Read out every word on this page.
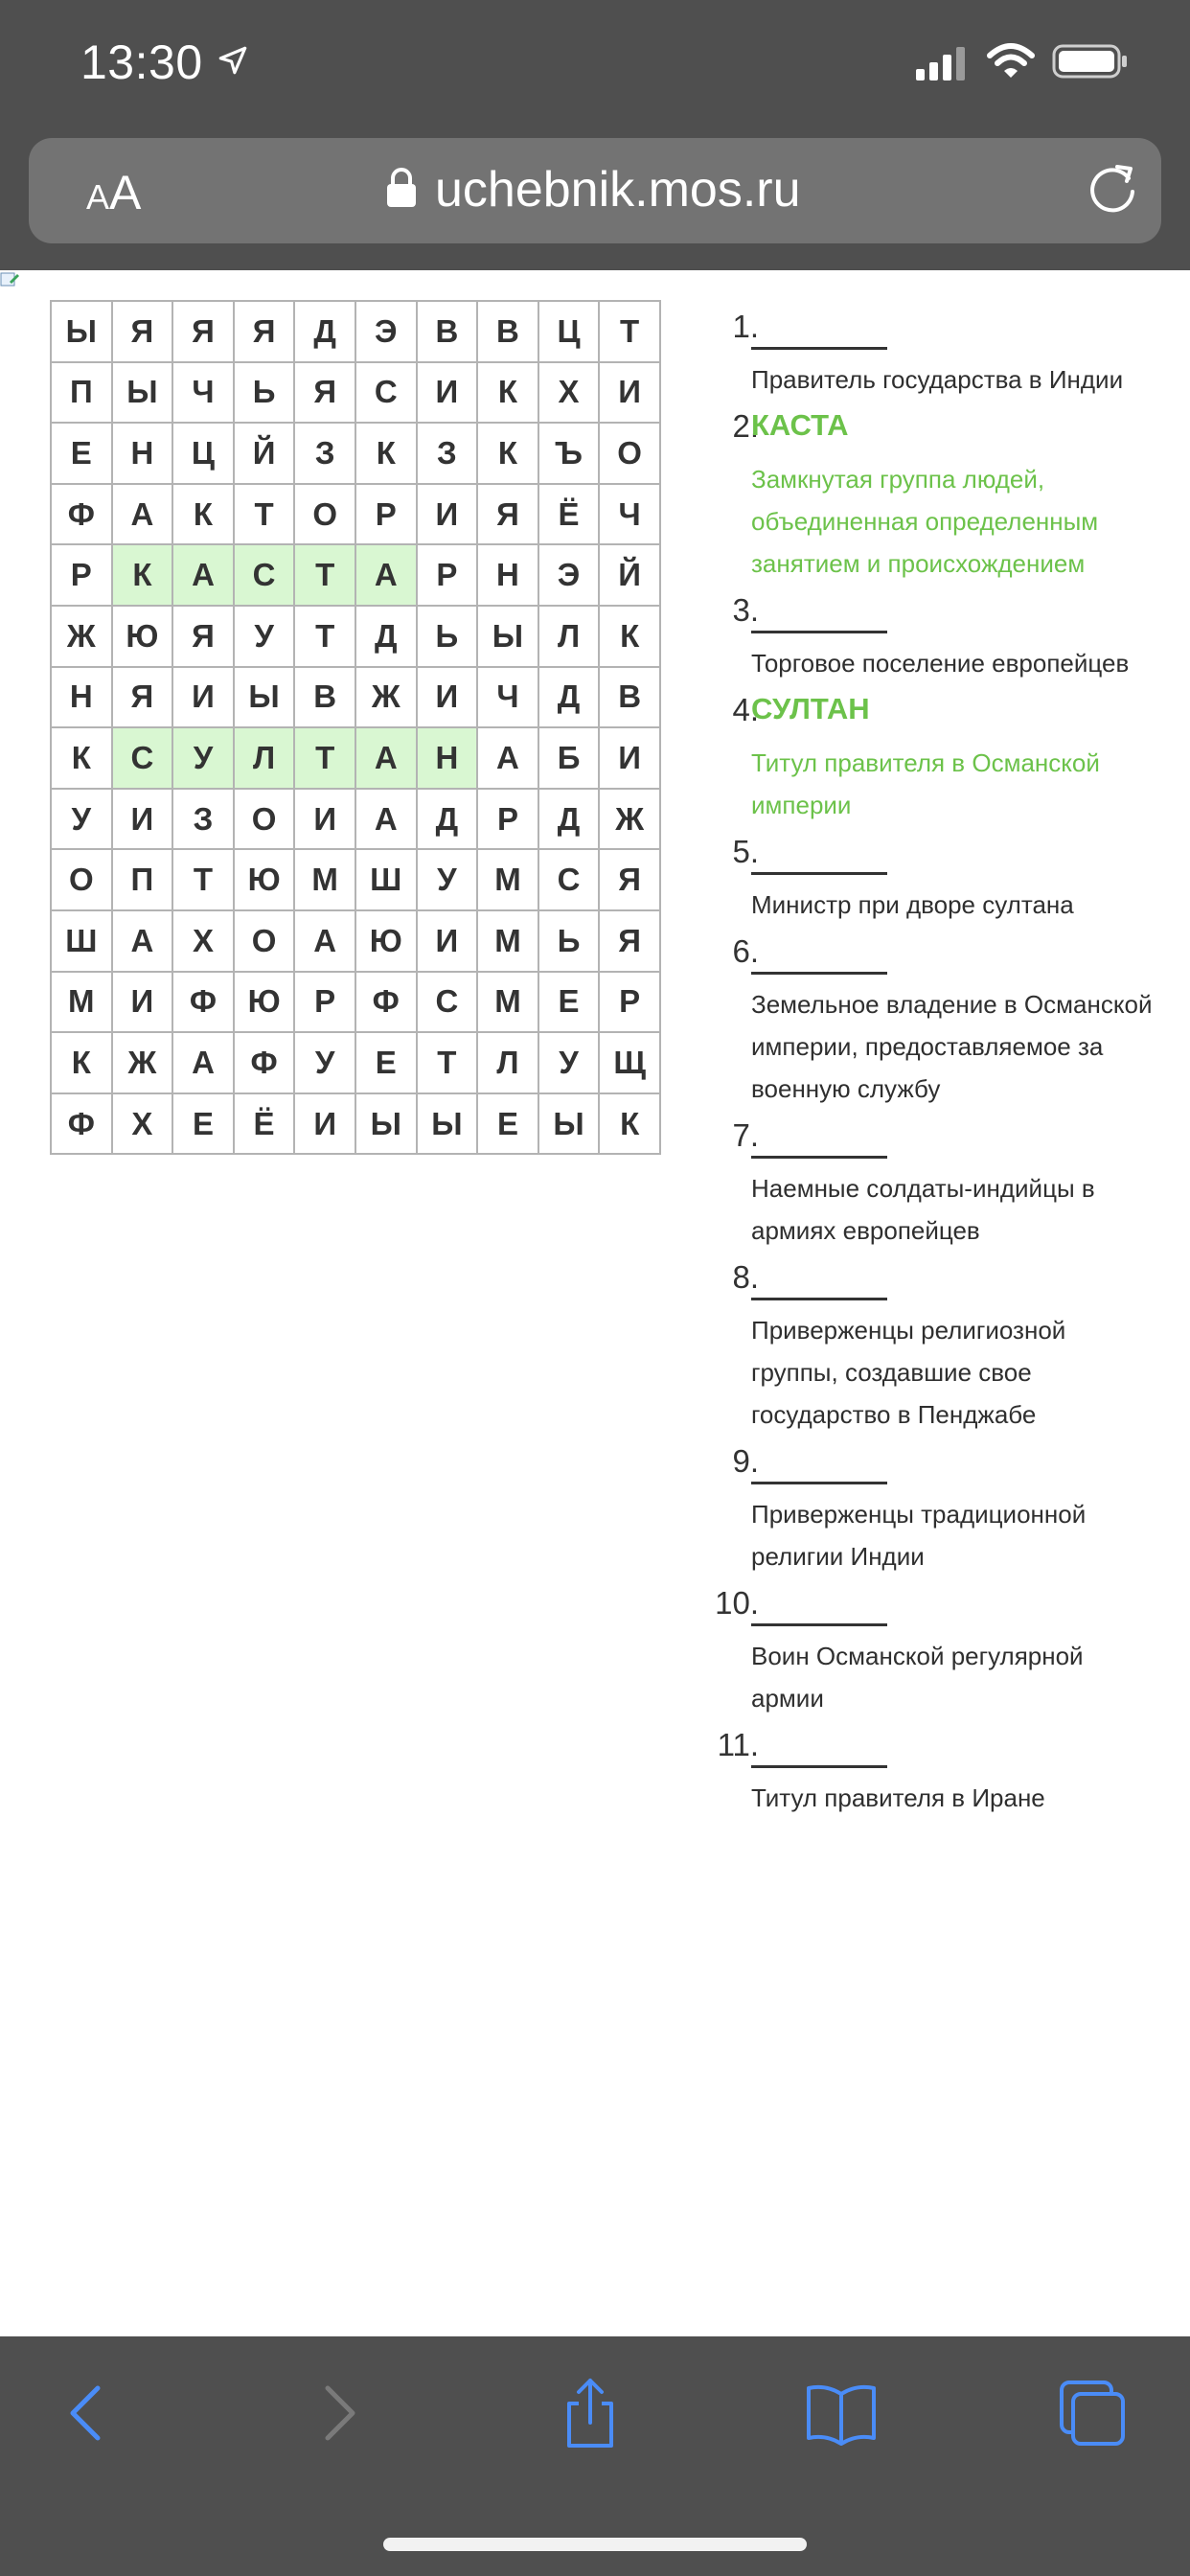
13:30
AA	uchebnik.mos.ru
Ы	Я	Я	Я	Д	Э	В	В	Ц	Т
П	Ы	Ч	Ь	Я	С	И	К	Х	И
Е	Н	Ц	Й	З	К	З	К	Ъ	О
Ф	А	К	Т	О	Р	И	Я	Ё	Ч
Р	К	А	С	Т	А	Р	Н	Э	Й
Ж	Ю	Я	У	Т	Д	Ь	Ы	Л	К
Н	Я	И	Ы	В	Ж	И	Ч	Д	В
К	С	У	Л	Т	А	Н	А	Б	И
У	И	З	О	И	А	Д	Р	Д	Ж
О	П	Т	Ю	М	Ш	У	М	С	Я
Ш	А	Х	О	А	Ю	И	М	Ь	Я
М	И	Ф	Ю	Р	Ф	С	М	Е	Р
К	Ж	А	Ф	У	Е	Т	Л	У	Щ
Ф	Х	Е	Ё	И	Ы	Ы	Е	Ы	К
1.
Правитель государства в Индии
2.
КАСТА
Замкнутая группа людей,
объединенная определенным
занятием и происхождением
3.
Торговое поселение европейцев
4.
СУЛТАН
Титул правителя в Османской
империи
5.
Министр при дворе султана
6.
Земельное владение в Османской
империи, предоставляемое за
военную службу
7.
Наемные солдаты-индийцы в
армиях европейцев
8.
Приверженцы религиозной
группы, создавшие свое
государство в Пенджабе
9.
Приверженцы традиционной
религии Индии
10.
Воин Османской регулярной
армии
11.
Титул правителя в Иране
